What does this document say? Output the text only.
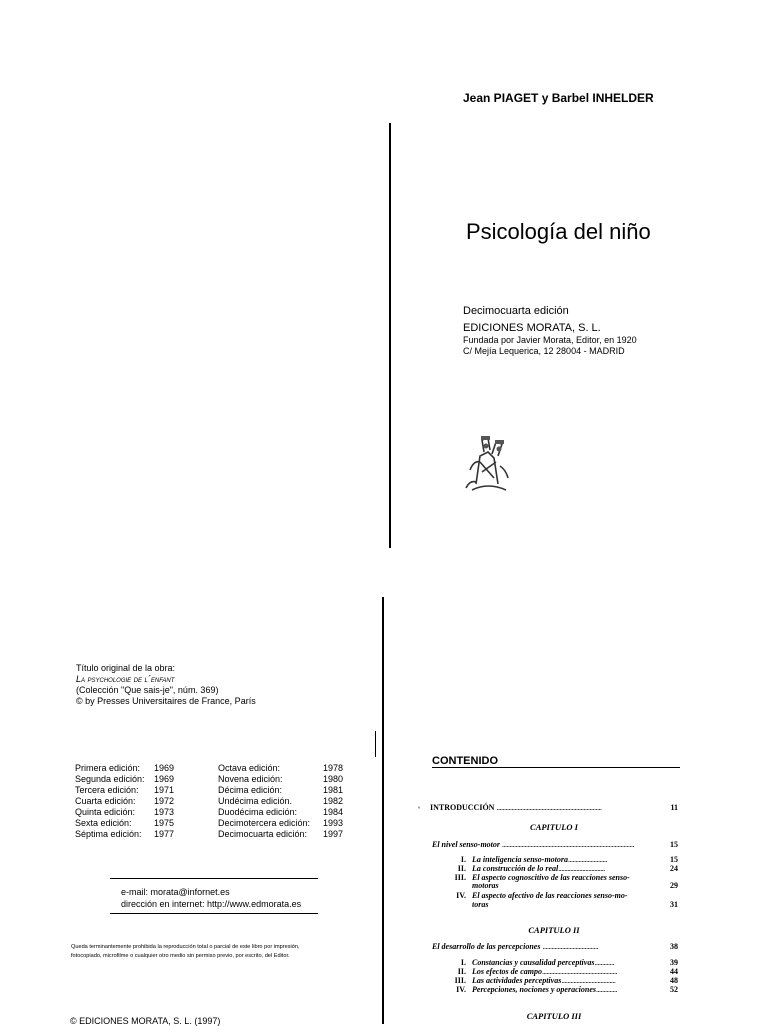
Jean PIAGET y Barbel INHELDER
Psicología del niño
Decimocuarta edición
EDICIONES MORATA, S. L.
Fundada por Javier Morata, Editor, en 1920
C/ Mejía Lequerica, 12 28004 - MADRID
Título original de la obra:
La psychologie de l´enfant
(Colección "Que sais-je", núm. 369)
© by Presses Universitaires de France, París
Primera edición:	1969	Octava edición:	1978
Segunda edición:	1969	Novena edición:	1980
Tercera edición:	1971	Décima edición:	1981
Cuarta edición:	1972	Undécima edición.	1982
Quinta edición:	1973	Duodécima edición:	1984
Sexta edición:	1975	Decimotercera edición:	1993
Séptima edición:	1977	Decimocuarta edición:	1997
e-mail: morata@infornet.es
dirección en internet: http://www.edmorata.es
Queda terminantemente prohibida la reproducción total o parcial de este libro por impresión,
fotocopiado, microfilme o cualquier otro medio sin permiso previo, por escrito, del Editor.
© EDICIONES MORATA, S. L. (1997)
CONTENIDO
INTRODUCCIÓN ......................................................................	11
°
CAPITULO I
El nivel senso-motor ........................................................................................	15
I. La inteligencia senso-motora..........................	15
II. La construcción de lo real...............................	24
III. El aspecto cognoscitivo de las reacciones senso-
motoras	29
IV. El aspecto afectivo de las reacciones senso-mo-
toras	31
CAPITULO II
El desarrollo de las percepciones .....................................	38
I. Constancias y causalidad perceptivas.............	39
II. Los efectos de campo..................................................	44
III. Las actividades perceptivas....................................	48
IV. Percepciones, nociones y operaciones..............	52
CAPITULO III
